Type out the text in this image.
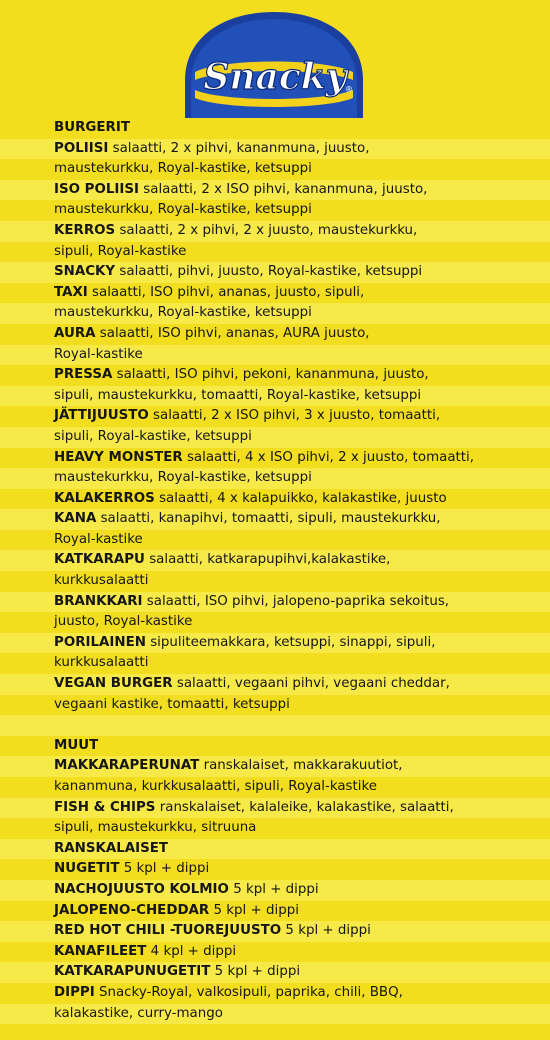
Snacky
®
BURGERIT
POLIISI salaatti, 2 x pihvi, kananmuna, juusto,
maustekurkku, Royal-kastike, ketsuppi
ISO POLIISI salaatti, 2 x ISO pihvi, kananmuna, juusto,
maustekurkku, Royal-kastike, ketsuppi
KERROS salaatti, 2 x pihvi, 2 x juusto, maustekurkku,
sipuli, Royal-kastike
SNACKY salaatti, pihvi, juusto, Royal-kastike, ketsuppi
TAXI salaatti, ISO pihvi, ananas, juusto, sipuli,
maustekurkku, Royal-kastike, ketsuppi
AURA salaatti, ISO pihvi, ananas, AURA juusto,
Royal-kastike
PRESSA salaatti, ISO pihvi, pekoni, kananmuna, juusto,
sipuli, maustekurkku, tomaatti, Royal-kastike, ketsuppi
JÄTTIJUUSTO salaatti, 2 x ISO pihvi, 3 x juusto, tomaatti,
sipuli, Royal-kastike, ketsuppi
HEAVY MONSTER salaatti, 4 x ISO pihvi, 2 x juusto, tomaatti,
maustekurkku, Royal-kastike, ketsuppi
KALAKERROS salaatti, 4 x kalapuikko, kalakastike, juusto
KANA salaatti, kanapihvi, tomaatti, sipuli, maustekurkku,
Royal-kastike
KATKARAPU salaatti, katkarapupihvi,kalakastike,
kurkkusalaatti
BRANKKARI salaatti, ISO pihvi, jalopeno-paprika sekoitus,
juusto, Royal-kastike
PORILAINEN sipuliteemakkara, ketsuppi, sinappi, sipuli,
kurkkusalaatti
VEGAN BURGER salaatti, vegaani pihvi, vegaani cheddar,
vegaani kastike, tomaatti, ketsuppi
MUUT
MAKKARAPERUNAT ranskalaiset, makkarakuutiot,
kananmuna, kurkkusalaatti, sipuli, Royal-kastike
FISH & CHIPS ranskalaiset, kalaleike, kalakastike, salaatti,
sipuli, maustekurkku, sitruuna
RANSKALAISET
NUGETIT 5 kpl + dippi
NACHOJUUSTO KOLMIO 5 kpl + dippi
JALOPENO-CHEDDAR 5 kpl + dippi
RED HOT CHILI -TUOREJUUSTO 5 kpl + dippi
KANAFILEET 4 kpl + dippi
KATKARAPUNUGETIT 5 kpl + dippi
DIPPI Snacky-Royal, valkosipuli, paprika, chili, BBQ,
kalakastike, curry-mango
